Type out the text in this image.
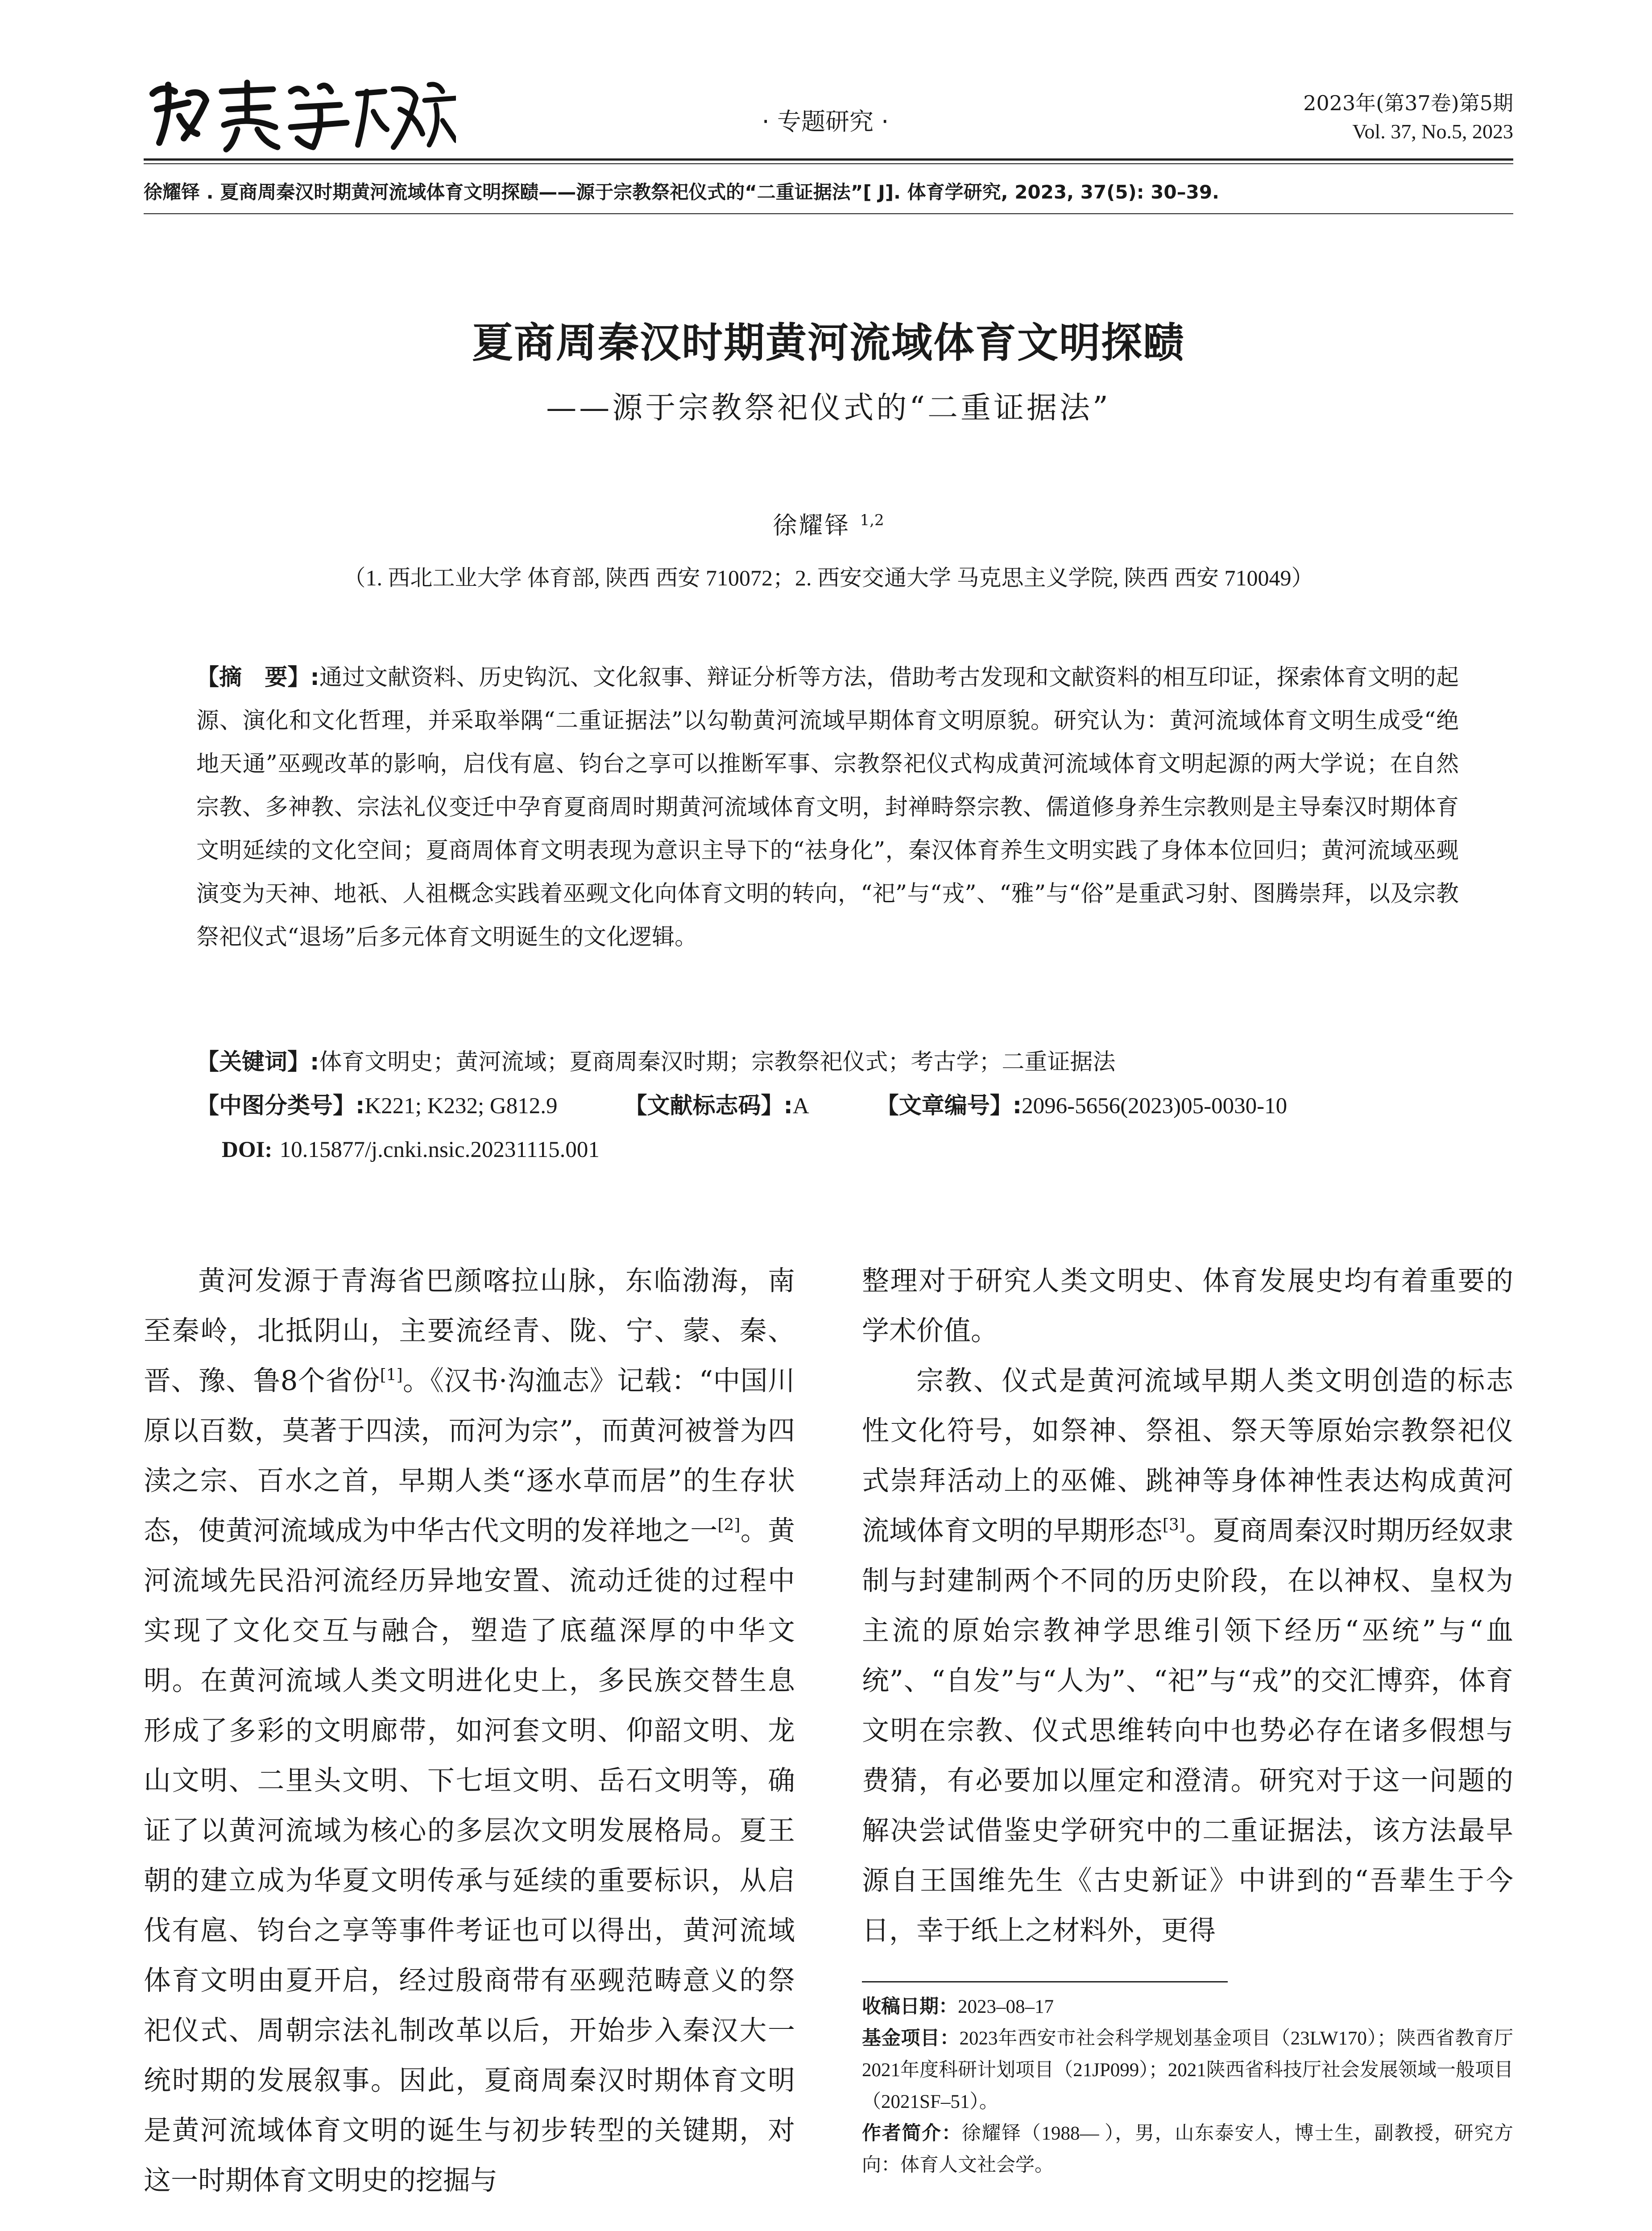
· 专题研究 ·
2023年(第37卷)第5期
Vol. 37, No.5, 2023
徐耀铎 . 夏商周秦汉时期黄河流域体育文明探赜——源于宗教祭祀仪式的“二重证据法”[ J]. 体育学研究, 2023, 37(5): 30–39.
夏商周秦汉时期黄河流域体育文明探赜
——源于宗教祭祀仪式的“二重证据法”
徐耀铎 $^{1,2}$
（1. 西北工业大学 体育部, 陕西 西安 710072；2. 西安交通大学 马克思主义学院, 陕西 西安 710049）
【摘　要】:通过文献资料、历史钩沉、文化叙事、辩证分析等方法，借助考古发现和文献资料的相互印证，探索体育文明的起源、演化和文化哲理，并采取举隅“二重证据法”以勾勒黄河流域早期体育文明原貌。研究认为：黄河流域体育文明生成受“绝地天通”巫觋改革的影响，启伐有扈、钧台之享可以推断军事、宗教祭祀仪式构成黄河流域体育文明起源的两大学说；在自然宗教、多神教、宗法礼仪变迁中孕育夏商周时期黄河流域体育文明，封禅畤祭宗教、儒道修身养生宗教则是主导秦汉时期体育文明延续的文化空间；夏商周体育文明表现为意识主导下的“祛身化”，秦汉体育养生文明实践了身体本位回归；黄河流域巫觋演变为天神、地祇、人祖概念实践着巫觋文化向体育文明的转向，“祀”与“戎”、“雅”与“俗”是重武习射、图腾崇拜，以及宗教祭祀仪式“退场”后多元体育文明诞生的文化逻辑。
【关键词】:体育文明史；黄河流域；夏商周秦汉时期；宗教祭祀仪式；考古学；二重证据法
【中图分类号】:K221; K232; G812.9	【文献标志码】:A	【文章编号】:2096-5656(2023)05-0030-10
DOI: 10.15877/j.cnki.nsic.20231115.001

黄河发源于青海省巴颜喀拉山脉，东临渤海，南至秦岭，北抵阴山，主要流经青、陇、宁、蒙、秦、晋、豫、鲁8个省份[1]。《汉书·沟洫志》记载：“中国川原以百数，莫著于四渎，而河为宗”，而黄河被誉为四渎之宗、百水之首，早期人类“逐水草而居”的生存状态，使黄河流域成为中华古代文明的发祥地之一[2]。黄河流域先民沿河流经历异地安置、流动迁徙的过程中实现了文化交互与融合，塑造了底蕴深厚的中华文明。在黄河流域人类文明进化史上，多民族交替生息形成了多彩的文明廊带，如河套文明、仰韶文明、龙山文明、二里头文明、下七垣文明、岳石文明等，确证了以黄河流域为核心的多层次文明发展格局。夏王朝的建立成为华夏文明传承与延续的重要标识，从启伐有扈、钧台之享等事件考证也可以得出，黄河流域体育文明由夏开启，经过殷商带有巫觋范畴意义的祭祀仪式、周朝宗法礼制改革以后，开始步入秦汉大一统时期的发展叙事。因此，夏商周秦汉时期体育文明是黄河流域体育文明的诞生与初步转型的关键期，对这一时期体育文明史的挖掘与

整理对于研究人类文明史、体育发展史均有着重要的学术价值。

宗教、仪式是黄河流域早期人类文明创造的标志性文化符号，如祭神、祭祖、祭天等原始宗教祭祀仪式崇拜活动上的巫傩、跳神等身体神性表达构成黄河流域体育文明的早期形态[3]。夏商周秦汉时期历经奴隶制与封建制两个不同的历史阶段，在以神权、皇权为主流的原始宗教神学思维引领下经历“巫统”与“血统”、“自发”与“人为”、“祀”与“戎”的交汇博弈，体育文明在宗教、仪式思维转向中也势必存在诸多假想与费猜，有必要加以厘定和澄清。研究对于这一问题的解决尝试借鉴史学研究中的二重证据法，该方法最早源自王国维先生《古史新证》中讲到的“吾辈生于今日，幸于纸上之材料外，更得

收稿日期：2023–08–17
基金项目：2023年西安市社会科学规划基金项目（23LW170）；陕西省教育厅2021年度科研计划项目（21JP099）；2021陕西省科技厅社会发展领域一般项目（2021SF–51）。
作者简介：徐耀铎（1988— ），男，山东泰安人，博士生，副教授，研究方向：体育人文社会学。
